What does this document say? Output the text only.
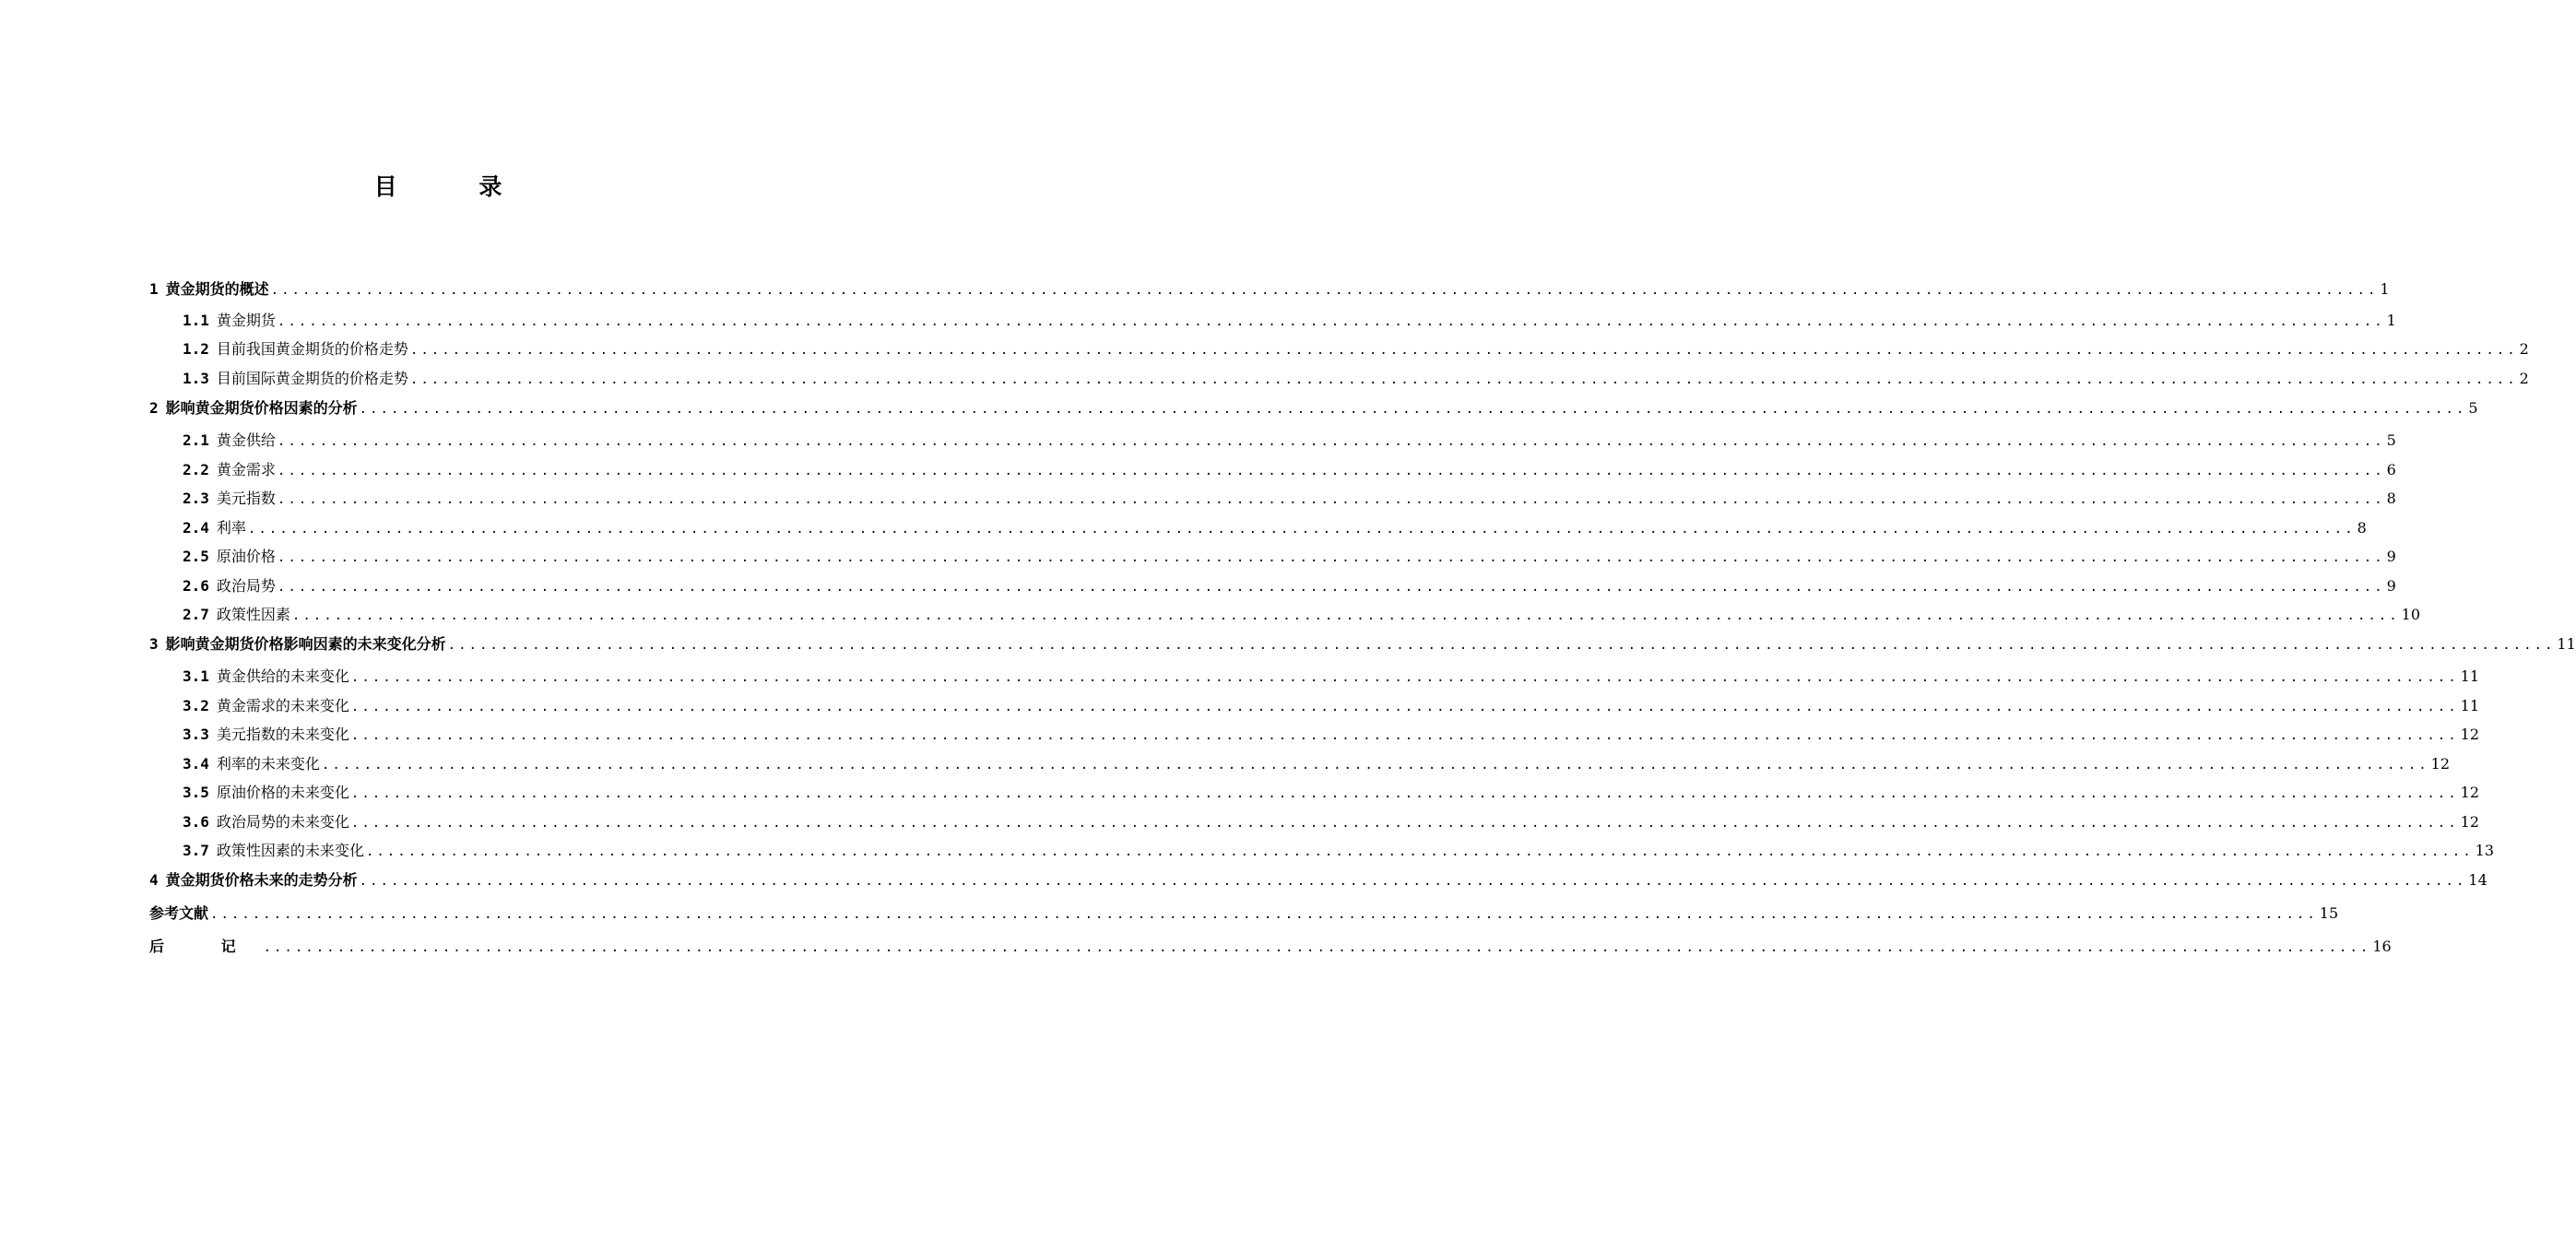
目 录
1 黄金期货的概述 ........................................................................................................................................................................................................ 1
1.1 黄金期货 ........................................................................................................................................................................................................ 1
1.2 目前我国黄金期货的价格走势 ........................................................................................................................................................................................................ 2
1.3 目前国际黄金期货的价格走势 ........................................................................................................................................................................................................ 2
2 影响黄金期货价格因素的分析 ........................................................................................................................................................................................................ 5
2.1 黄金供给 ........................................................................................................................................................................................................ 5
2.2 黄金需求 ........................................................................................................................................................................................................ 6
2.3 美元指数 ........................................................................................................................................................................................................ 8
2.4 利率 ........................................................................................................................................................................................................ 8
2.5 原油价格 ........................................................................................................................................................................................................ 9
2.6 政治局势 ........................................................................................................................................................................................................ 9
2.7 政策性因素 ........................................................................................................................................................................................................ 10
3 影响黄金期货价格影响因素的未来变化分析 ........................................................................................................................................................................................................ 11
3.1 黄金供给的未来变化 ........................................................................................................................................................................................................ 11
3.2 黄金需求的未来变化 ........................................................................................................................................................................................................ 11
3.3 美元指数的未来变化 ........................................................................................................................................................................................................ 12
3.4 利率的未来变化 ........................................................................................................................................................................................................ 12
3.5 原油价格的未来变化 ........................................................................................................................................................................................................ 12
3.6 政治局势的未来变化 ........................................................................................................................................................................................................ 12
3.7 政策性因素的未来变化 ........................................................................................................................................................................................................ 13
4 黄金期货价格未来的走势分析 ........................................................................................................................................................................................................ 14
参考文献 ........................................................................................................................................................................................................ 15
后 记 ........................................................................................................................................................................................................ 16
